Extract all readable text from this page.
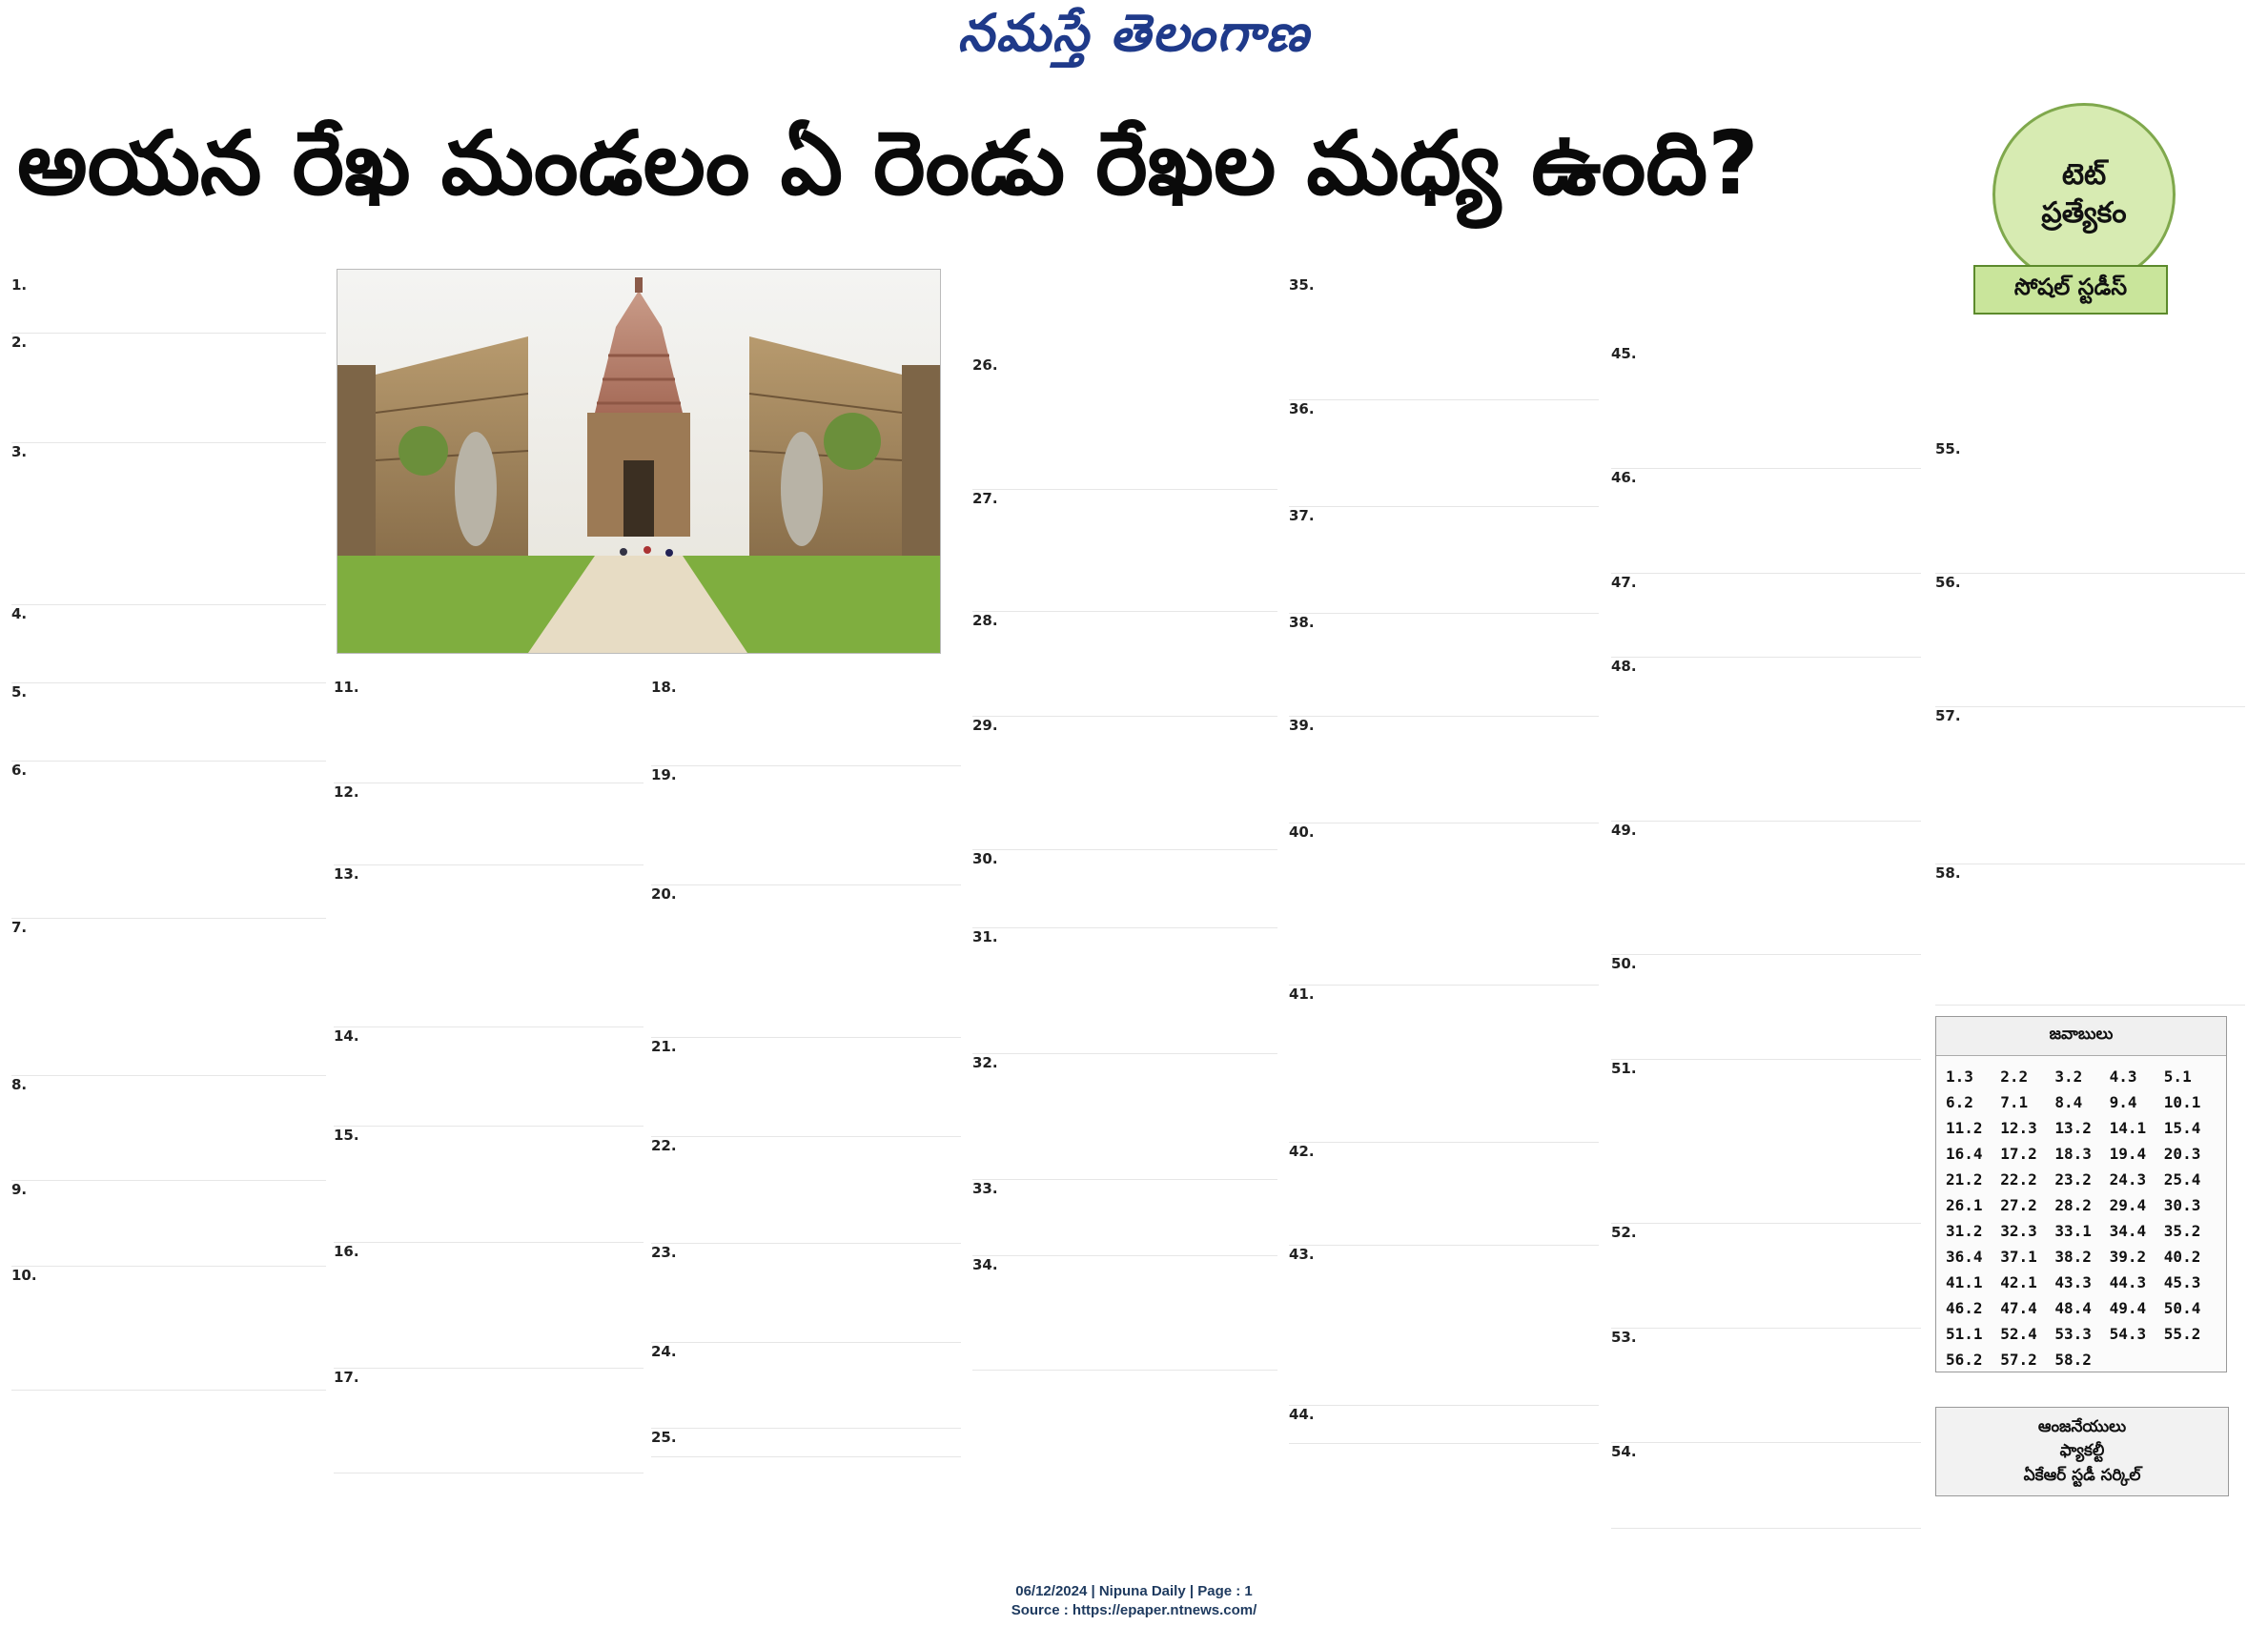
నమస్తే తెలంగాణ
అయన రేఖ మండలం ఏ రెండు రేఖల మధ్య ఉంది?	టెట్
ప్రత్యేకం
సోషల్ స్టడీస్
1.
2.
3.
4.
5.
6.
7.
8.
9.
10.
11.
12.
13.
14.
15.
16.
17.
18.
19.
20.
21.
22.
23.
24.
25.
26.
27.
28.
29.
30.
31.
32.
33.
34.
35.
36.
37.
38.
39.
40.
41.
42.
43.
44.
45.
46.
47.
48.
49.
50.
51.
52.
53.
54.
55.
56.
57.
58.
జవాబులు
1.3	2.2	3.2	4.3	5.1
6.2	7.1	8.4	9.4	10.1
11.2	12.3	13.2	14.1	15.4
16.4	17.2	18.3	19.4	20.3
21.2	22.2	23.2	24.3	25.4
26.1	27.2	28.2	29.4	30.3
31.2	32.3	33.1	34.4	35.2
36.4	37.1	38.2	39.2	40.2
41.1	42.1	43.3	44.3	45.3
46.2	47.4	48.4	49.4	50.4
51.1	52.4	53.3	54.3	55.2
56.2	57.2	58.2
ఆంజనేయులు
ఫ్యాకల్టీ
ఏకేఆర్ స్టడీ సర్కిల్
06/12/2024 | Nipuna Daily | Page : 1
Source : https://epaper.ntnews.com/
